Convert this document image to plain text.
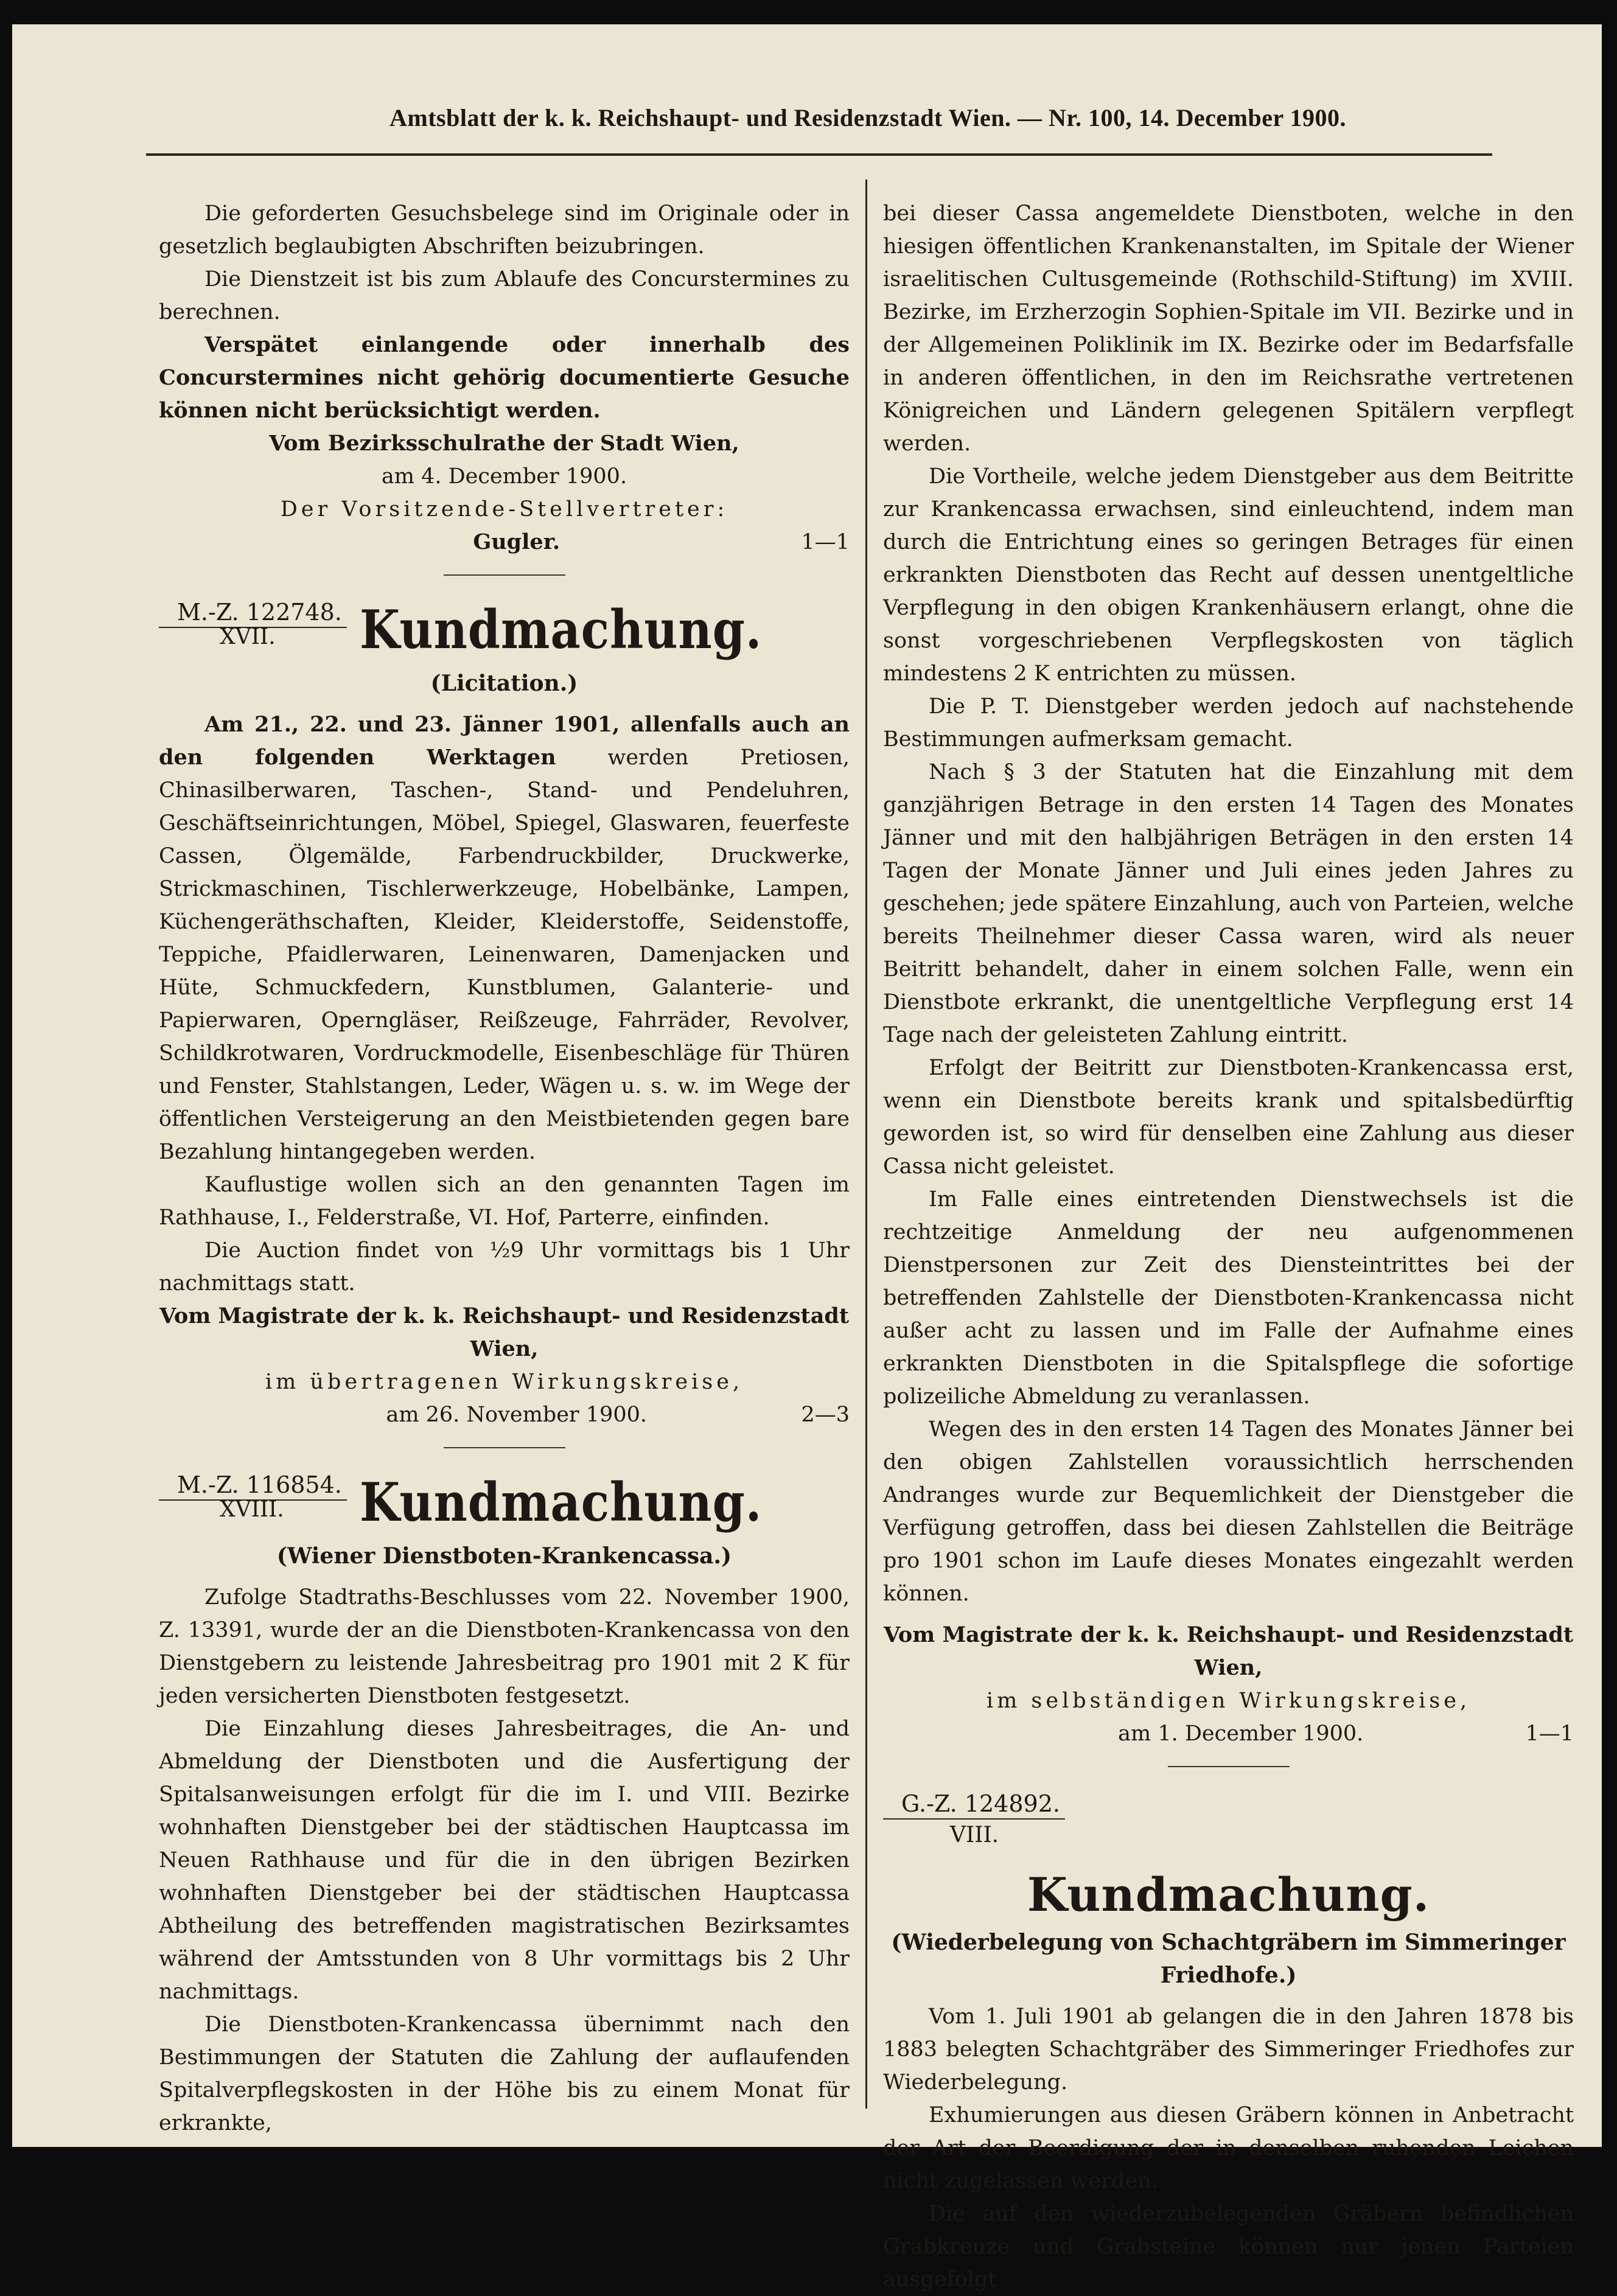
Amtsblatt der k. k. Reichshaupt- und Residenzstadt Wien. — Nr. 100, 14. December 1900.

Die geforderten Gesuchsbelege sind im Originale oder in gesetzlich beglaubigten Abschriften beizubringen.

Die Dienstzeit ist bis zum Ablaufe des Concurstermines zu berechnen.

Verspätet einlangende oder innerhalb des Concurstermines nicht gehörig documentierte Gesuche können nicht berücksichtigt werden.

Vom Bezirksschulrathe der Stadt Wien,

am 4. December 1900.

Der Vorsitzende-Stellvertreter:

Gugler.	1—1
M.-Z. 122748.
XVII. Kundmachung.
(Licitation.)

Am 21., 22. und 23. Jänner 1901, allenfalls auch an den folgenden Werktagen werden Pretiosen, Chinasilberwaren, Taschen-, Stand- und Pendeluhren, Geschäftseinrichtungen, Möbel, Spiegel, Glaswaren, feuerfeste Cassen, Ölgemälde, Farbendruckbilder, Druckwerke, Strickmaschinen, Tischlerwerkzeuge, Hobelbänke, Lampen, Küchengeräthschaften, Kleider, Kleiderstoffe, Seidenstoffe, Teppiche, Pfaidlerwaren, Leinenwaren, Damenjacken und Hüte, Schmuckfedern, Kunstblumen, Galanterie- und Papierwaren, Operngläser, Reißzeuge, Fahrräder, Revolver, Schildkrotwaren, Vordruckmodelle, Eisenbeschläge für Thüren und Fenster, Stahlstangen, Leder, Wägen u. s. w. im Wege der öffentlichen Versteigerung an den Meistbietenden gegen bare Bezahlung hintangegeben werden.

Kauflustige wollen sich an den genannten Tagen im Rathhause, I., Felderstraße, VI. Hof, Parterre, einfinden.

Die Auction findet von ½9 Uhr vormittags bis 1 Uhr nachmittags statt.

Vom Magistrate der k. k. Reichshaupt- und Residenzstadt Wien,

im übertragenen Wirkungskreise,

am 26. November 1900.	2—3
M.-Z. 116854.
XVIII. Kundmachung.
(Wiener Dienstboten-Krankencassa.)

Zufolge Stadtraths-Beschlusses vom 22. November 1900, Z. 13391, wurde der an die Dienstboten-Krankencassa von den Dienstgebern zu leistende Jahresbeitrag pro 1901 mit 2 K für jeden versicherten Dienstboten festgesetzt.

Die Einzahlung dieses Jahresbeitrages, die An- und Abmeldung der Dienstboten und die Ausfertigung der Spitalsanweisungen erfolgt für die im I. und VIII. Bezirke wohnhaften Dienstgeber bei der städtischen Hauptcassa im Neuen Rathhause und für die in den übrigen Bezirken wohnhaften Dienstgeber bei der städtischen Hauptcassa Abtheilung des betreffenden magistratischen Bezirksamtes während der Amtsstunden von 8 Uhr vormittags bis 2 Uhr nachmittags.

Die Dienstboten-Krankencassa übernimmt nach den Bestimmungen der Statuten die Zahlung der auflaufenden Spitalverpflegskosten in der Höhe bis zu einem Monat für erkrankte,

bei dieser Cassa angemeldete Dienstboten, welche in den hiesigen öffentlichen Krankenanstalten, im Spitale der Wiener israelitischen Cultusgemeinde (Rothschild-Stiftung) im XVIII. Bezirke, im Erzherzogin Sophien-Spitale im VII. Bezirke und in der Allgemeinen Poliklinik im IX. Bezirke oder im Bedarfsfalle in anderen öffentlichen, in den im Reichsrathe vertretenen Königreichen und Ländern gelegenen Spitälern verpflegt werden.

Die Vortheile, welche jedem Dienstgeber aus dem Beitritte zur Krankencassa erwachsen, sind einleuchtend, indem man durch die Entrichtung eines so geringen Betrages für einen erkrankten Dienstboten das Recht auf dessen unentgeltliche Verpflegung in den obigen Krankenhäusern erlangt, ohne die sonst vorgeschriebenen Verpflegskosten von täglich mindestens 2 K entrichten zu müssen.

Die P. T. Dienstgeber werden jedoch auf nachstehende Bestimmungen aufmerksam gemacht.

Nach § 3 der Statuten hat die Einzahlung mit dem ganzjährigen Betrage in den ersten 14 Tagen des Monates Jänner und mit den halbjährigen Beträgen in den ersten 14 Tagen der Monate Jänner und Juli eines jeden Jahres zu geschehen; jede spätere Einzahlung, auch von Parteien, welche bereits Theilnehmer dieser Cassa waren, wird als neuer Beitritt behandelt, daher in einem solchen Falle, wenn ein Dienstbote erkrankt, die unentgeltliche Verpflegung erst 14 Tage nach der geleisteten Zahlung eintritt.

Erfolgt der Beitritt zur Dienstboten-Krankencassa erst, wenn ein Dienstbote bereits krank und spitalsbedürftig geworden ist, so wird für denselben eine Zahlung aus dieser Cassa nicht geleistet.

Im Falle eines eintretenden Dienstwechsels ist die rechtzeitige Anmeldung der neu aufgenommenen Dienstpersonen zur Zeit des Diensteintrittes bei der betreffenden Zahlstelle der Dienstboten-Krankencassa nicht außer acht zu lassen und im Falle der Aufnahme eines erkrankten Dienstboten in die Spitalspflege die sofortige polizeiliche Abmeldung zu veranlassen.

Wegen des in den ersten 14 Tagen des Monates Jänner bei den obigen Zahlstellen voraussichtlich herrschenden Andranges wurde zur Bequemlichkeit der Dienstgeber die Verfügung getroffen, dass bei diesen Zahlstellen die Beiträge pro 1901 schon im Laufe dieses Monates eingezahlt werden können.

Vom Magistrate der k. k. Reichshaupt- und Residenzstadt Wien,

im selbständigen Wirkungskreise,

am 1. December 1900.	1—1
G.-Z. 124892.
VIII.
Kundmachung.
(Wiederbelegung von Schachtgräbern im Simmeringer Friedhofe.)

Vom 1. Juli 1901 ab gelangen die in den Jahren 1878 bis 1883 belegten Schachtgräber des Simmeringer Friedhofes zur Wiederbelegung.

Exhumierungen aus diesen Gräbern können in Anbetracht der Art der Beerdigung der in denselben ruhenden Leichen nicht zugelassen werden.

Die auf den wiederzubelegenden Gräbern befindlichen Grabkreuze und Grabsteine können nur jenen Parteien ausgefolgt
